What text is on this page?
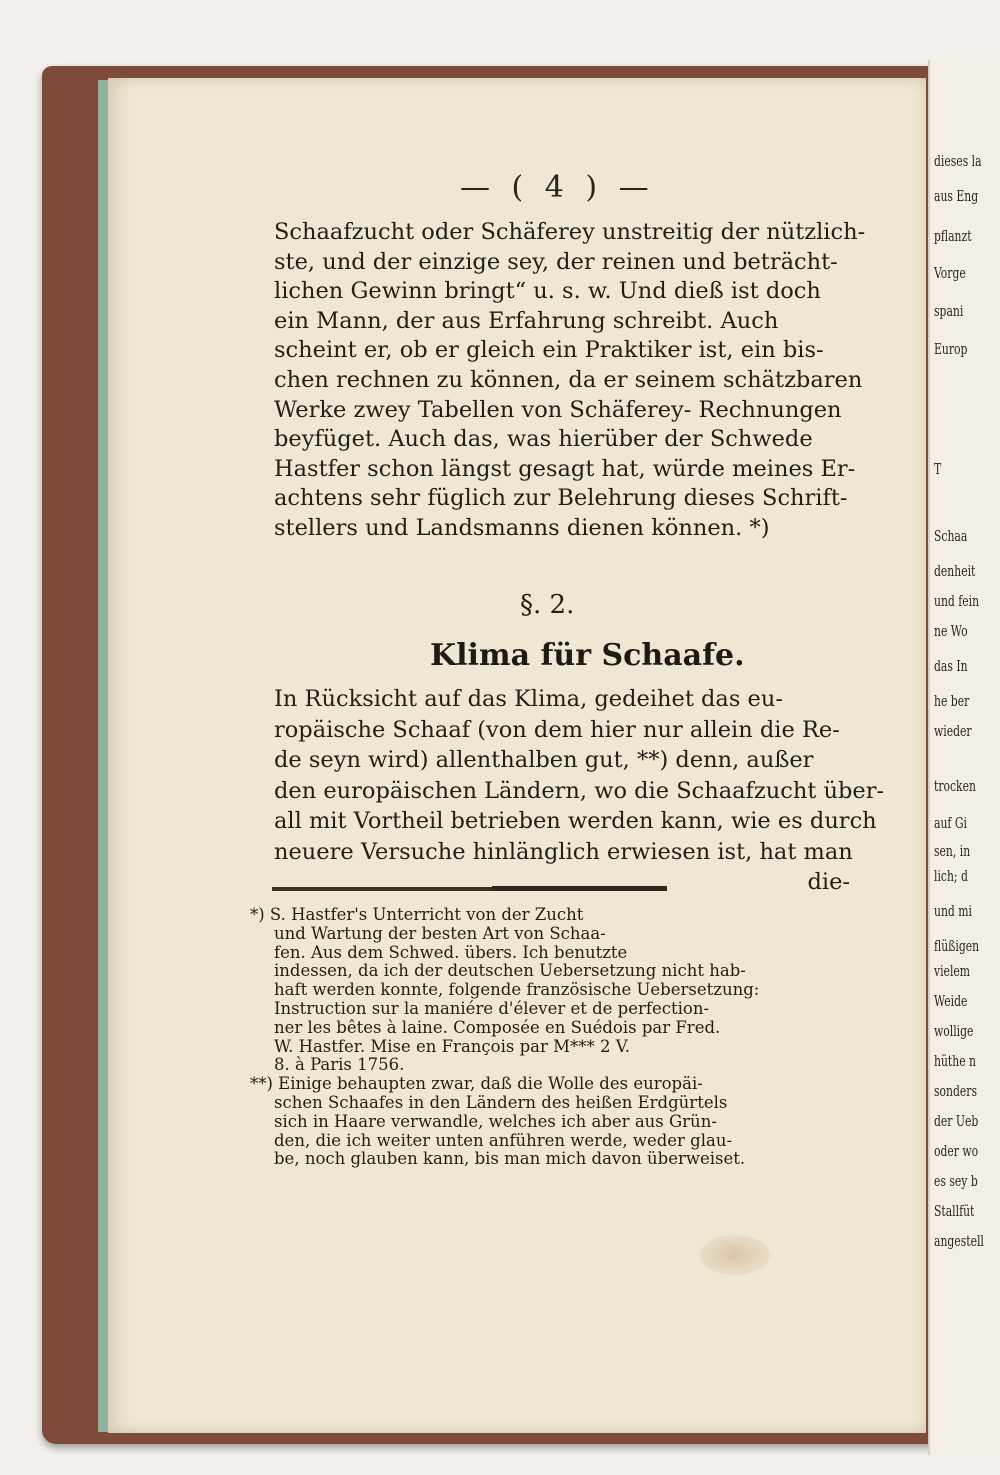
— ( 4 ) —
Schaafzucht oder Schäferey unstreitig der nützlich-
ste, und der einzige sey, der reinen und beträcht-
lichen Gewinn bringt“ u. s. w. Und dieß ist doch
ein Mann, der aus Erfahrung schreibt. Auch
scheint er, ob er gleich ein Praktiker ist, ein bis-
chen rechnen zu können, da er seinem schätzbaren
Werke zwey Tabellen von Schäferey- Rechnungen
beyfüget. Auch das, was hierüber der Schwede
Hastfer schon längst gesagt hat, würde meines Er-
achtens sehr füglich zur Belehrung dieses Schrift-
stellers und Landsmanns dienen können. *)
§. 2.
Klima für Schaafe.
In Rücksicht auf das Klima, gedeihet das eu-
ropäische Schaaf (von dem hier nur allein die Re-
de seyn wird) allenthalben gut, **) denn, außer
den europäischen Ländern, wo die Schaafzucht über-
all mit Vortheil betrieben werden kann, wie es durch
neuere Versuche hinlänglich erwiesen ist, hat man
die-
*) S. Hastfer's Unterricht von der Zucht
und Wartung der besten Art von Schaa-
fen. Aus dem Schwed. übers. Ich benutzte
indessen, da ich der deutschen Uebersetzung nicht hab-
haft werden konnte, folgende französische Uebersetzung:
Instruction sur la maniére d'élever et de perfection-
ner les bêtes à laine. Composée en Suédois par Fred.
W. Hastfer. Mise en François par M*** 2 V.
8. à Paris 1756.
**) Einige behaupten zwar, daß die Wolle des europäi-
schen Schaafes in den Ländern des heißen Erdgürtels
sich in Haare verwandle, welches ich aber aus Grün-
den, die ich weiter unten anführen werde, weder glau-
be, noch glauben kann, bis man mich davon überweiset.
dieses la
aus Eng
pflanzt
Vorge
spani
Europ
T
Schaa
denheit
und fein
ne Wo
das In
he ber
wieder
trocken
auf Gi
sen, in
lich; d
und mi
flüßigen
vielem
Weide
wollige
hüthe n
sonders
der Ueb
oder wo
es sey b
Stallfüt
angestell
